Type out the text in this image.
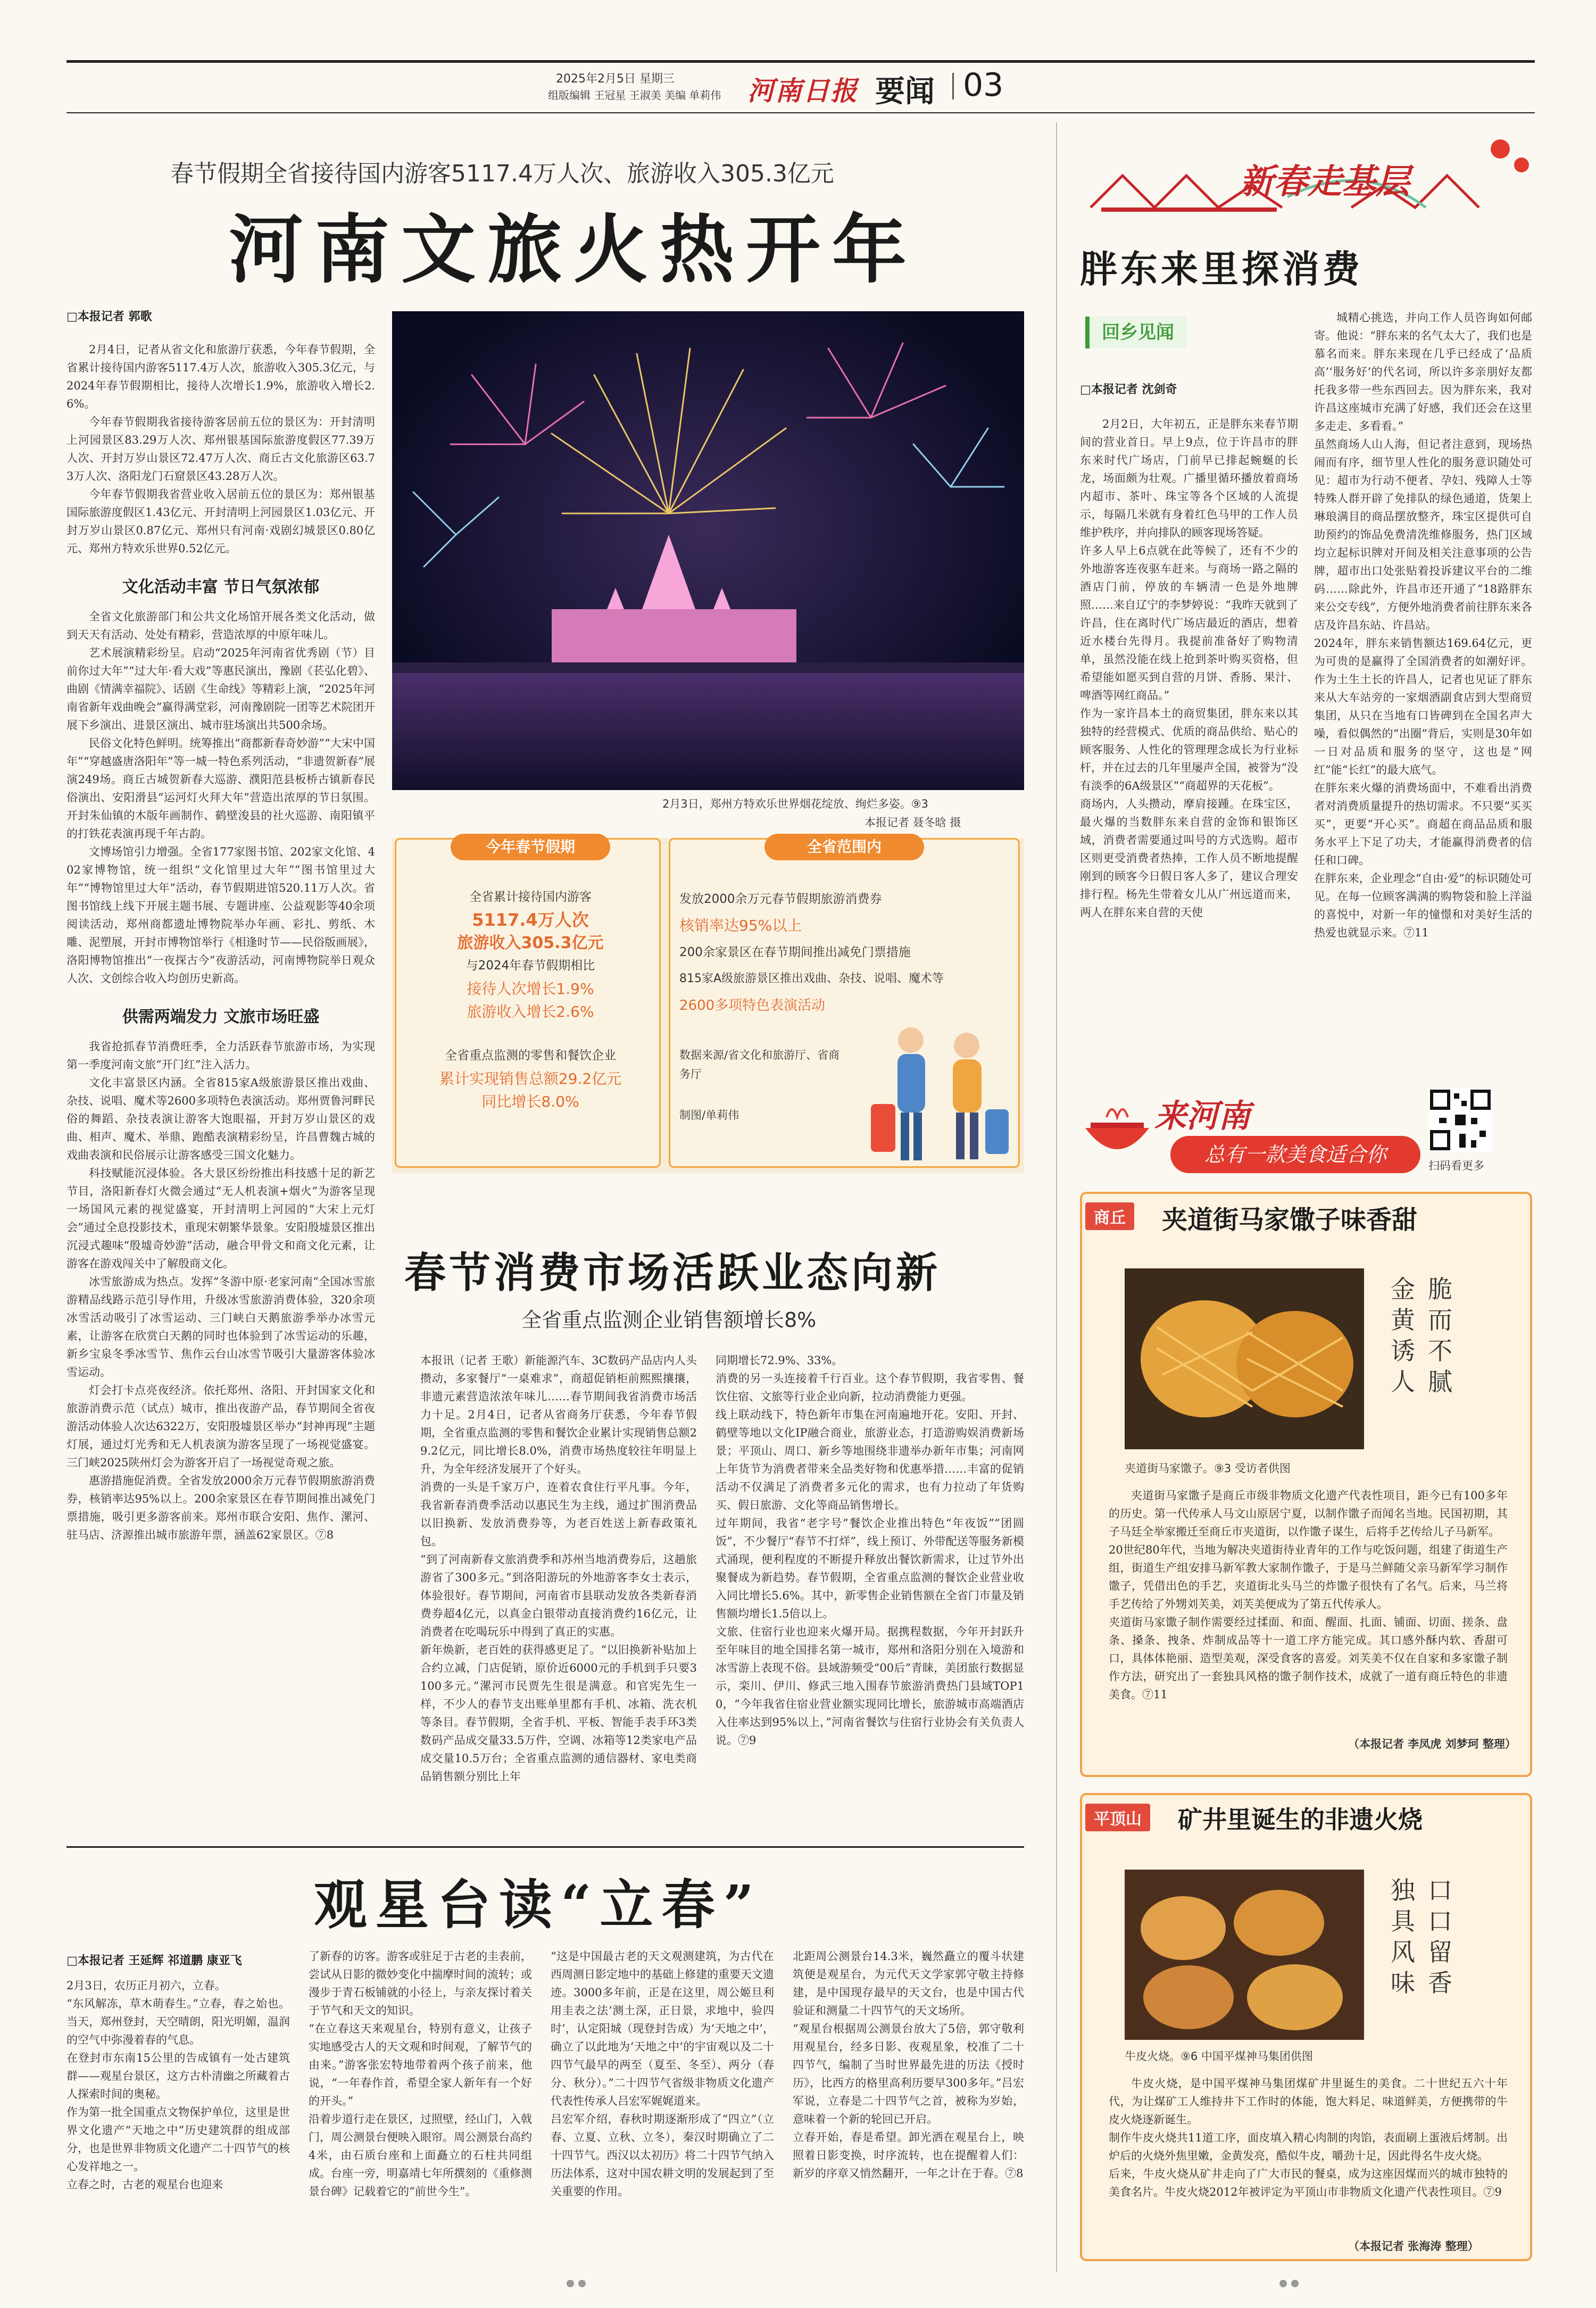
2025年2月5日 星期三
组版编辑 王冠星 王淑美 美编 单莉伟 河南日报 要闻 03
春节假期全省接待国内游客5117.4万人次、旅游收入305.3亿元
河南文旅火热开年
□本报记者 郭歌

2月4日，记者从省文化和旅游厅获悉，今年春节假期，全省累计接待国内游客5117.4万人次，旅游收入305.3亿元，与2024年春节假期相比，接待人次增长1.9%，旅游收入增长2.6%。

今年春节假期我省接待游客居前五位的景区为：开封清明上河园景区83.29万人次、郑州银基国际旅游度假区77.39万人次、开封万岁山景区72.47万人次、商丘古文化旅游区63.73万人次、洛阳龙门石窟景区43.28万人次。

今年春节假期我省营业收入居前五位的景区为：郑州银基国际旅游度假区1.43亿元、开封清明上河园景区1.03亿元、开封万岁山景区0.87亿元、郑州只有河南·戏剧幻城景区0.80亿元、郑州方特欢乐世界0.52亿元。

文化活动丰富 节日气氛浓郁

全省文化旅游部门和公共文化场馆开展各类文化活动，做到天天有活动、处处有精彩，营造浓厚的中原年味儿。

艺术展演精彩纷呈。启动“2025年河南省优秀剧（节）目前你过大年”“过大年·看大戏”等惠民演出，豫剧《苌弘化碧》、曲剧《情满幸福院》、话剧《生命线》等精彩上演，“2025年河南省新年戏曲晚会”赢得满堂彩，河南豫剧院一团等艺术院团开展下乡演出、进景区演出、城市驻场演出共500余场。

民俗文化特色鲜明。统筹推出“商都新春奇妙游”“大宋中国年”“穿越盛唐洛阳年”等一城一特色系列活动，“非遗贺新春”展演249场。商丘古城贺新春大巡游、濮阳范县板桥古镇新春民俗演出、安阳滑县“运河灯火拜大年”营造出浓厚的节日氛围。开封朱仙镇的木版年画制作、鹤壁浚县的社火巡游、南阳镇平的打铁花表演再现千年古韵。

文博场馆引力增强。全省177家图书馆、202家文化馆、402家博物馆，统一组织“文化馆里过大年”“图书馆里过大年”“博物馆里过大年”活动，春节假期进馆520.11万人次。省图书馆线上线下开展主题书展、专题讲座、公益观影等40余项阅读活动，郑州商都遗址博物院举办年画、彩扎、剪纸、木雕、泥塑展，开封市博物馆举行《相逢时节——民俗版画展》，洛阳博物馆推出“一夜探古今”夜游活动，河南博物院举日观众人次、文创综合收入均创历史新高。

供需两端发力 文旅市场旺盛

我省抢抓春节消费旺季，全力活跃春节旅游市场，为实现第一季度河南文旅“开门红”注入活力。

文化丰富景区内涵。全省815家A级旅游景区推出戏曲、杂技、说唱、魔术等2600多项特色表演活动。郑州贾鲁河畔民俗的舞蹈、杂技表演让游客大饱眼福，开封万岁山景区的戏曲、相声、魔术、举鼎、跑酷表演精彩纷呈，许昌曹魏古城的戏曲表演和民俗展示让游客感受三国文化魅力。

科技赋能沉浸体验。各大景区纷纷推出科技感十足的新艺节目，洛阳新春灯火微会通过“无人机表演+烟火”为游客呈现一场国风元素的视觉盛宴，开封清明上河园的“大宋上元灯会”通过全息投影技术，重现宋朝繁华景象。安阳殷墟景区推出沉浸式趣味“殷墟奇妙游”活动，融合甲骨文和商文化元素，让游客在游戏闯关中了解殷商文化。

冰雪旅游成为热点。发挥“冬游中原·老家河南”全国冰雪旅游精品线路示范引导作用，升级冰雪旅游消费体验，320余项冰雪活动吸引了冰雪运动、三门峡白天鹅旅游季举办冰雪元素，让游客在欣赏白天鹅的同时也体验到了冰雪运动的乐趣，新乡宝泉冬季冰雪节、焦作云台山冰雪节吸引大量游客体验冰雪运动。

灯会打卡点亮夜经济。依托郑州、洛阳、开封国家文化和旅游消费示范（试点）城市，推出夜游产品，春节期间全省夜游活动体验人次达6322万，安阳殷墟景区举办“封神再现”主题灯展，通过灯光秀和无人机表演为游客呈现了一场视觉盛宴。三门峡2025陕州灯会为游客开启了一场视觉奇观之旅。

惠游措施促消费。全省发放2000余万元春节假期旅游消费券，核销率达95%以上。200余家景区在春节期间推出减免门票措施，吸引更多游客前来。郑州市联合安阳、焦作、漯河、驻马店、济源推出城市旅游年票，涵盖62家景区。⑦8

2月3日，郑州方特欢乐世界烟花绽放、绚烂多姿。⑨3
本报记者 聂冬晗 摄
今年春节假期
全省累计接待国内游客
5117.4万人次
旅游收入305.3亿元
与2024年春节假期相比
接待人次增长1.9%
旅游收入增长2.6%
全省重点监测的零售和餐饮企业
累计实现销售总额29.2亿元
同比增长8.0%
全省范围内
发放2000余万元春节假期旅游消费券
核销率达95%以上
200余家景区在春节期间推出减免门票措施
815家A级旅游景区推出戏曲、杂技、说唱、魔术等
2600多项特色表演活动
数据来源/省文化和旅游厅、省商务厅
制图/单莉伟
春节消费市场活跃业态向新
全省重点监测企业销售额增长8%

本报讯（记者 王歌）新能源汽车、3C数码产品店内人头攒动，多家餐厅“一桌难求”，商超促销柜前熙熙攘攘，非遗元素营造浓浓年味儿……春节期间我省消费市场活力十足。2月4日，记者从省商务厅获悉，今年春节假期，全省重点监测的零售和餐饮企业累计实现销售总额29.2亿元，同比增长8.0%，消费市场热度较往年明显上升，为全年经济发展开了个好头。
消费的一头是千家万户，连着农食住行平凡事。今年，我省新春消费季活动以惠民生为主线，通过扩围消费品以旧换新、发放消费券等，为老百姓送上新春政策礼包。
“到了河南新春文旅消费季和苏州当地消费券后，这趟旅游省了300多元。”到洛阳游玩的外地游客李女士表示，体验很好。春节期间，河南省市县联动发放各类新春消费券超4亿元，以真金白银带动直接消费约16亿元，让消费者在吃喝玩乐中得到了真正的实惠。
新年焕新，老百姓的获得感更足了。“以旧换新补贴加上合约立减，门店促销，原价近6000元的手机到手只要3100多元。”漯河市民贾先生很是满意。和官宪先生一样，不少人的春节支出账单里都有手机、冰箱、洗衣机等条目。春节假期，全省手机、平板、智能手表手环3类数码产品成交量33.5万件，空调、冰箱等12类家电产品成交量10.5万台；全省重点监测的通信器材、家电类商品销售额分别比上年

同期增长72.9%、33%。
消费的另一头连接着千行百业。这个春节假期，我省零售、餐饮住宿、文旅等行业企业向新，拉动消费能力更强。
线上联动线下，特色新年市集在河南遍地开花。安阳、开封、鹤壁等地以文化IP融合商业，旅游业态，打造游购娱消费新场景；平顶山、周口、新乡等地围绕非遗举办新年市集；河南网上年货节为消费者带来全品类好物和优惠举措……丰富的促销活动不仅满足了消费者多元化的需求，也有力拉动了年货购买、假日旅游、文化等商品销售增长。
过年期间，我省“老字号”餐饮企业推出特色“年夜饭”“团圆饭”，不少餐厅“春节不打烊”，线上预订、外带配送等服务新模式涌现，便利程度的不断提升释放出餐饮新需求，让过节外出聚餐成为新趋势。春节假期，全省重点监测的餐饮企业营业收入同比增长5.6%。其中，新零售企业销售额在全省门市量及销售额均增长1.5倍以上。
文旅、住宿行业也迎来火爆开局。据携程数据，今年开封跃升至年味目的地全国排名第一城市，郑州和洛阳分别在入境游和冰雪游上表现不俗。县域游频受“00后”青睐，美团旅行数据显示，栾川、伊川、修武三地入围春节旅游消费热门县域TOP10，“今年我省住宿业营业额实现同比增长，旅游城市高端酒店入住率达到95%以上，”河南省餐饮与住宿行业协会有关负责人说。⑦9

观星台读“立春”
□本报记者 王延辉 祁道鹏 康亚飞

2月3日，农历正月初六，立春。
“东风解冻，草木萌春生。”立春，春之始也。当天，郑州登封，天空晴朗，阳光明媚，温润的空气中弥漫着春的气息。
在登封市东南15公里的告成镇有一处古建筑群——观星台景区，这方古朴清幽之所藏着古人探索时间的奥秘。
作为第一批全国重点文物保护单位，这里是世界文化遗产“天地之中”历史建筑群的组成部分，也是世界非物质文化遗产二十四节气的核心发祥地之一。
立春之时，古老的观星台也迎来

了新春的访客。游客或驻足于古老的圭表前，尝试从日影的微妙变化中揣摩时间的流转；或漫步于青石板铺就的小径上，与亲友探讨着关于节气和天文的知识。
“在立春这天来观星台，特别有意义，让孩子实地感受古人的天文观和时间观，了解节气的由来。”游客张宏特地带着两个孩子前来，他说，“一年春作首，希望全家人新年有一个好的开头。”
沿着步道行走在景区，过照壁，经山门，入戟门，周公测景台便映入眼帘。周公测景台高约4米，由石质台座和上面矗立的石柱共同组成。台座一旁，明嘉靖七年所撰刻的《重修测景台碑》记载着它的“前世今生”。

“这是中国最古老的天文观测建筑，为古代在西周测日影定地中的基础上修建的重要天文遗迹。3000多年前，正是在这里，周公姬旦利用圭表之法‘测土深，正日景，求地中，验四时’，认定阳城（现登封告成）为‘天地之中’，确立了以此地为‘天地之中’的宇宙观以及二十四节气最早的两至（夏至、冬至）、两分（春分、秋分）。”二十四节气省级非物质文化遗产代表性传承人吕宏军娓娓道来。
吕宏军介绍，春秋时期逐渐形成了“四立”（立春、立夏、立秋、立冬），秦汉时期确立了二十四节气。西汉以太初历》将二十四节气纳入历法体系，这对中国农耕文明的发展起到了至关重要的作用。

北距周公测景台14.3米，巍然矗立的覆斗状建筑便是观星台，为元代天文学家郭守敬主持修建，是中国现存最早的天文台，也是中国古代验证和测量二十四节气的天文场所。
“观星台根据周公测景台放大了5倍，郭守敬利用观星台，经多日影、夜观星象，校准了二十四节气，编制了当时世界最先进的历法《授时历》，比西方的格里高利历要早300多年。”吕宏军说，立春是二十四节气之首，被称为岁始，意味着一个新的轮回已开启。
立春开始，春是希望。卸光洒在观星台上，映照着日影变换，时序流转，也在提醒着人们：新岁的序章又悄然翻开，一年之计在于春。⑦8

新春走基层
胖东来里探消费
回乡见闻
□本报记者 沈剑奇

2月2日，大年初五，正是胖东来春节期间的营业首日。早上9点，位于许昌市的胖东来时代广场店，门前早已排起蜿蜒的长龙，场面颇为壮观。广播里循环播放着商场内超市、茶叶、珠宝等各个区域的人流提示，每隔几米就有身着红色马甲的工作人员维护秩序，并向排队的顾客现场答疑。
许多人早上6点就在此等候了，还有不少的外地游客连夜驱车赶来。与商场一路之隔的酒店门前，停放的车辆清一色是外地牌照……来自辽宁的李梦婷说：“我昨天就到了许昌，住在离时代广场店最近的酒店，想着近水楼台先得月。我提前准备好了购物清单，虽然没能在线上抢到茶叶购买资格，但希望能如愿买到自营的月饼、香肠、果汁、啤酒等网红商品。”
作为一家许昌本土的商贸集团，胖东来以其独特的经营模式、优质的商品供给、贴心的顾客服务、人性化的管理理念成长为行业标杆，并在过去的几年里屡声全国，被誉为“没有淡季的6A级景区”“商超界的天花板”。
商场内，人头攒动，摩肩接踵。在珠宝区，最火爆的当数胖东来自营的金饰和银饰区域，消费者需要通过叫号的方式选购。超市区则更受消费者热捧，工作人员不断地提醒刚到的顾客今日假日客人多了，建议合理安排行程。杨先生带着女儿从广州远道而来，两人在胖东来自营的天使

城精心挑选，并向工作人员咨询如何邮寄。他说：“胖东来的名气太大了，我们也是慕名而来。胖东来现在几乎已经成了‘品质高’‘服务好’的代名词，所以许多亲朋好友都托我多带一些东西回去。因为胖东来，我对许昌这座城市充满了好感，我们还会在这里多走走、多看看。”
虽然商场人山人海，但记者注意到，现场热闹而有序，细节里人性化的服务意识随处可见：超市为行动不便者、孕妇、残障人士等特殊人群开辟了免排队的绿色通道，货架上琳琅满目的商品摆放整齐，珠宝区提供可自助预约的饰品免费清洗维修服务，热门区域均立起标识牌对开间及相关注意事项的公告牌，超市出口处张贴着投诉建议平台的二维码……除此外，许昌市还开通了“18路胖东来公交专线”，方便外地消费者前往胖东来各店及许昌东站、许昌站。
2024年，胖东来销售额达169.64亿元，更为可贵的是赢得了全国消费者的如潮好评。作为土生土长的许昌人，记者也见证了胖东来从大车站旁的一家烟酒副食店到大型商贸集团，从只在当地有口皆碑到在全国名声大噪，看似偶然的“出圈”背后，实则是30年如一日对品质和服务的坚守，这也是“网红”能“长红”的最大底气。
在胖东来火爆的消费场面中，不难看出消费者对消费质量提升的热切需求。不只要“买买买”，更要“开心买”。商超在商品品质和服务水平上下足了功夫，才能赢得消费者的信任和口碑。
在胖东来，企业理念“自由·爱”的标识随处可见。在每一位顾客满满的购物袋和脸上洋溢的喜悦中，对新一年的憧憬和对美好生活的热爱也就显示来。⑦11

来河南
总有一款美食适合你	扫码看更多
商丘	夹道街马家馓子味香甜
金黄诱人
脆而不腻
夹道街马家馓子。⑨3 受访者供图

夹道街马家馓子是商丘市级非物质文化遗产代表性项目，距今已有100多年的历史。第一代传承人马文山原居宁夏，以制作馓子而闻名当地。民国初期，其子马廷全举家搬迁至商丘市夹道街，以作馓子谋生，后将手艺传给儿子马新军。
20世纪80年代，当地为解决夹道街待业青年的工作与吃饭问题，组建了街道生产组，街道生产组安排马新军教大家制作馓子，于是马兰鲜随父亲马新军学习制作馓子，凭借出色的手艺，夹道街北头马兰的炸馓子很快有了名气。后来，马兰将手艺传给了外甥刘芙美，刘芙美便成为了第五代传承人。
夹道街马家馓子制作需要经过揉面、和面、醒面、扎面、铺面、切面、搓条、盘条、搡条、拽条、炸制成品等十一道工序方能完成。其口感外酥内软、香甜可口，具体体艳丽、造型美观，深受食客的喜爱。刘芙美不仅在自家和多家馓子制作方法，研究出了一套独具风格的馓子制作技术，成就了一道有商丘特色的非遗美食。⑦11

（本报记者 李凤虎 刘梦珂 整理）
平顶山	矿井里诞生的非遗火烧
独具风味
口口留香
牛皮火烧。⑨6 中国平煤神马集团供图

牛皮火烧，是中国平煤神马集团煤矿井里诞生的美食。二十世纪五六十年代，为让煤矿工人维持井下工作时的体能，饱大料足、味道鲜美，方便携带的牛皮火烧逐新诞生。
制作牛皮火烧共11道工序，面皮填入精心肉制的肉馅，表面刷上蛋液后烤制。出炉后的火烧外焦里嫩，金黄发亮，酷似牛皮，嚼劲十足，因此得名牛皮火烧。
后来，牛皮火烧从矿井走向了广大市民的餐桌，成为这座因煤而兴的城市独特的美食名片。牛皮火烧2012年被评定为平顶山市非物质文化遗产代表性项目。⑦9

（本报记者 张海涛 整理）
